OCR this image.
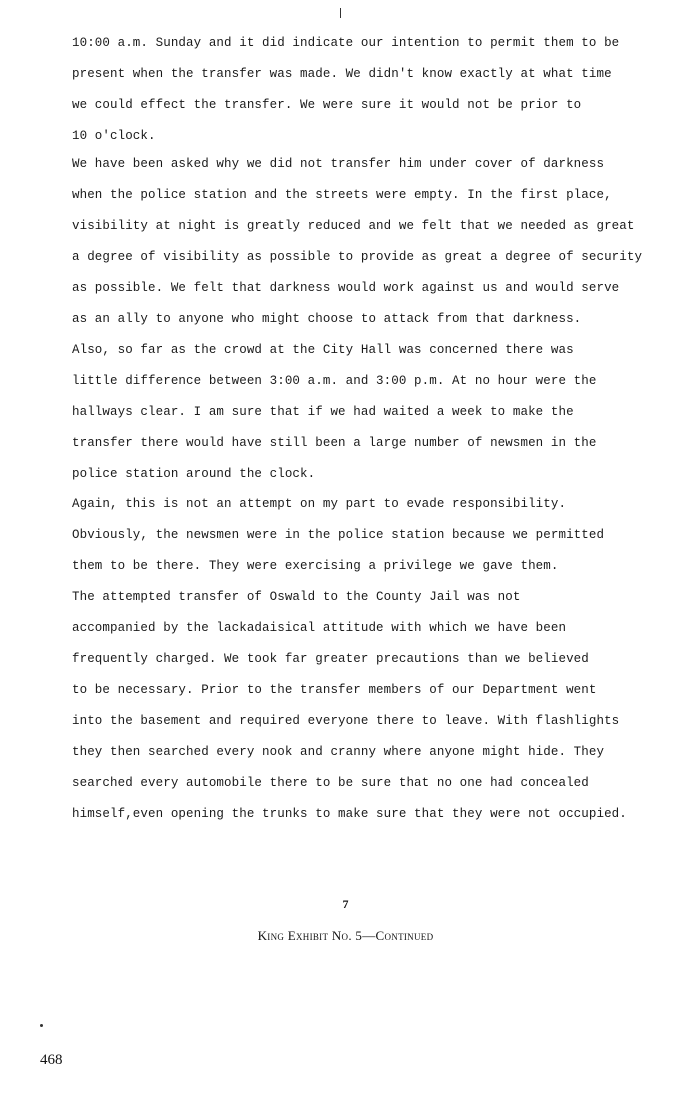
10:00 a.m. Sunday and it did indicate our intention to permit them to be
present when the transfer was made. We didn't know exactly at what time
we could effect the transfer. We were sure it would not be prior to
10 o'clock.
We have been asked why we did not transfer him under cover of darkness
when the police station and the streets were empty. In the first place,
visibility at night is greatly reduced and we felt that we needed as great
a degree of visibility as possible to provide as great a degree of security
as possible. We felt that darkness would work against us and would serve
as an ally to anyone who might choose to attack from that darkness.
Also, so far as the crowd at the City Hall was concerned there was
little difference between 3:00 a.m. and 3:00 p.m. At no hour were the
hallways clear. I am sure that if we had waited a week to make the
transfer there would have still been a large number of newsmen in the
police station around the clock.
Again, this is not an attempt on my part to evade responsibility.
Obviously, the newsmen were in the police station because we permitted
them to be there. They were exercising a privilege we gave them.
The attempted transfer of Oswald to the County Jail was not
accompanied by the lackadaisical attitude with which we have been
frequently charged. We took far greater precautions than we believed
to be necessary. Prior to the transfer members of our Department went
into the basement and required everyone there to leave. With flashlights
they then searched every nook and cranny where anyone might hide. They
searched every automobile there to be sure that no one had concealed
himself,even opening the trunks to make sure that they were not occupied.
7
King Exhibit No. 5—Continued
468
